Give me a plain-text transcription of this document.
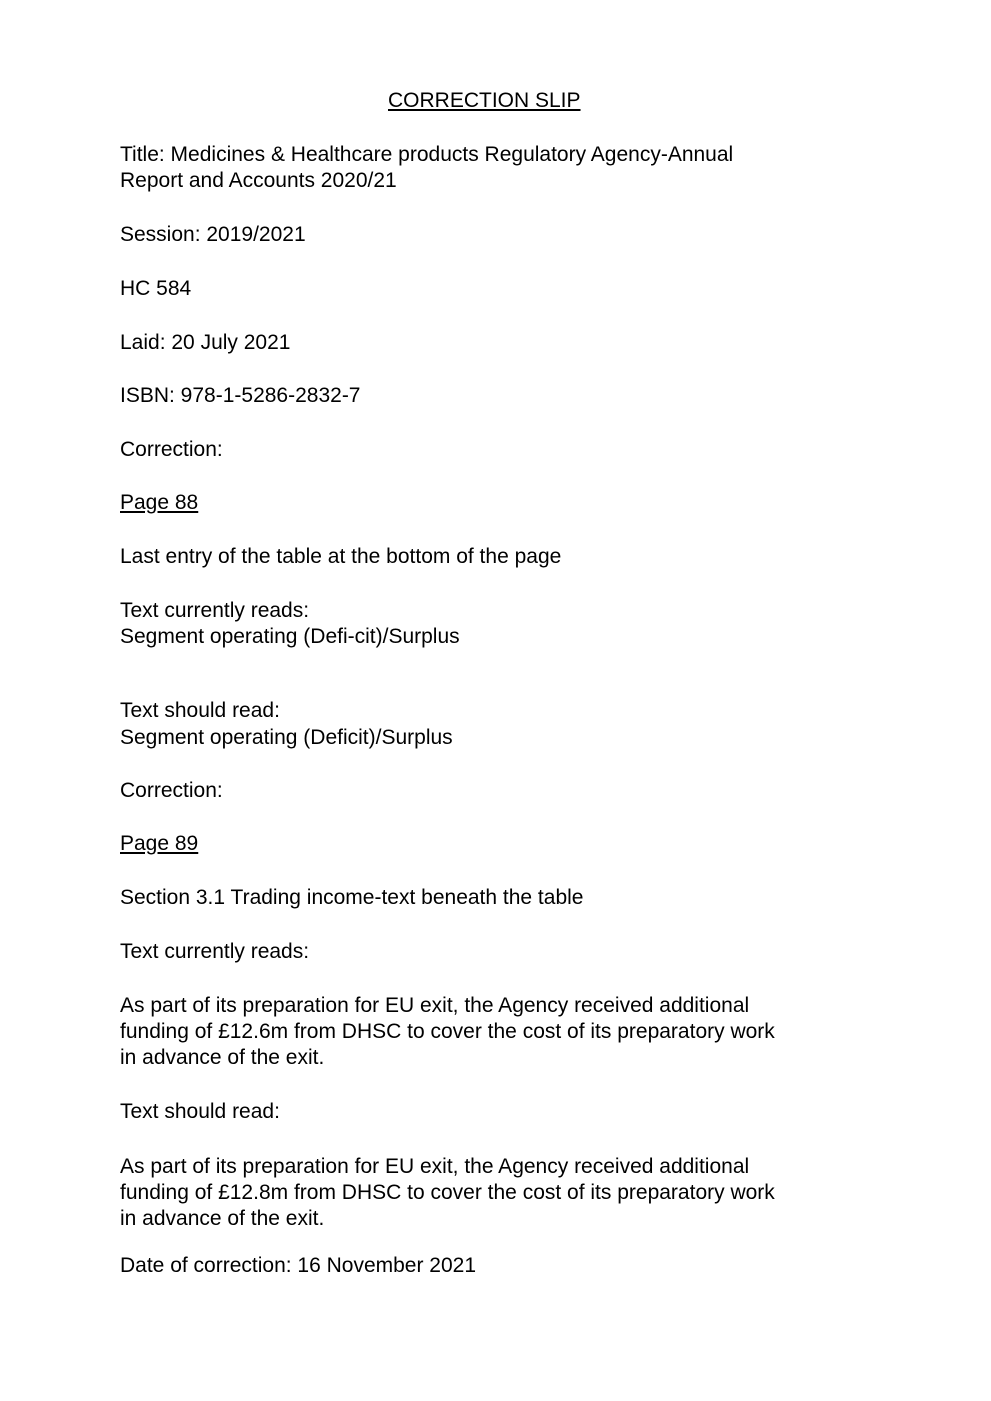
CORRECTION SLIP

Title: Medicines & Healthcare products Regulatory Agency-Annual

Report and Accounts 2020/21

Session: 2019/2021

HC 584

Laid: 20 July 2021

ISBN: 978-1-5286-2832-7

Correction:

Page 88

Last entry of the table at the bottom of the page

Text currently reads:

Segment operating (Defi-cit)/Surplus

Text should read:

Segment operating (Deficit)/Surplus

Correction:

Page 89

Section 3.1 Trading income-text beneath the table

Text currently reads:

As part of its preparation for EU exit, the Agency received additional

funding of £12.6m from DHSC to cover the cost of its preparatory work

in advance of the exit.

Text should read:

As part of its preparation for EU exit, the Agency received additional

funding of £12.8m from DHSC to cover the cost of its preparatory work

in advance of the exit.

Date of correction: 16 November 2021
